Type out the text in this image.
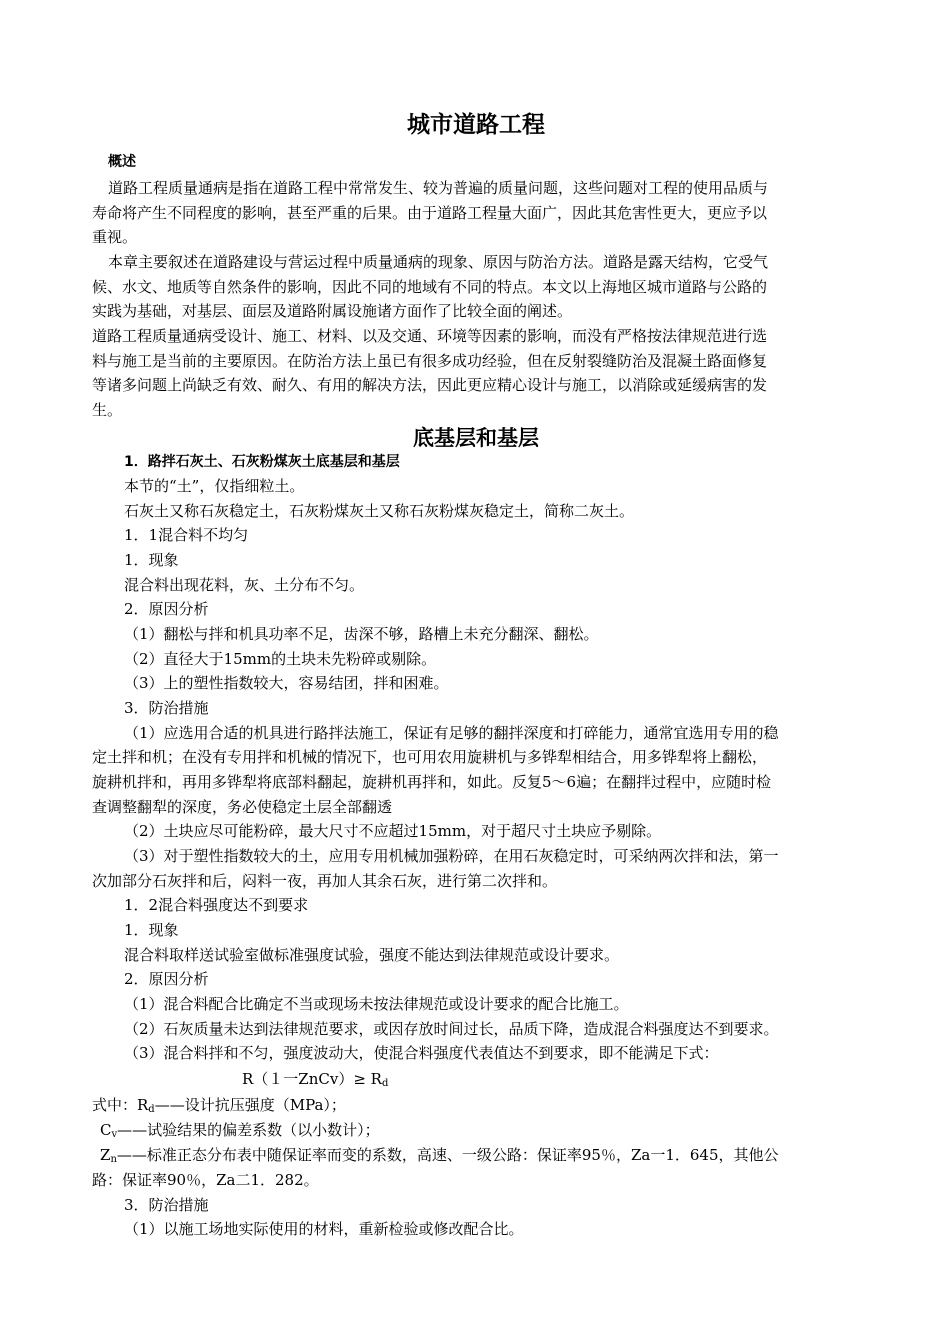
城市道路工程
概述
道路工程质量通病是指在道路工程中常常发生、较为普遍的质量问题，这些问题对工程的使用品质与
寿命将产生不同程度的影响，甚至严重的后果。由于道路工程量大面广，因此其危害性更大，更应予以
重视。
本章主要叙述在道路建设与营运过程中质量通病的现象、原因与防治方法。道路是露天结构，它受气
候、水文、地质等自然条件的影响，因此不同的地域有不同的特点。本文以上海地区城市道路与公路的
实践为基础，对基层、面层及道路附属设施诸方面作了比较全面的阐述。
道路工程质量通病受设计、施工、材料、以及交通、环境等因素的影响，而没有严格按法律规范进行选
料与施工是当前的主要原因。在防治方法上虽已有很多成功经验，但在反射裂缝防治及混凝土路面修复
等诸多问题上尚缺乏有效、耐久、有用的解决方法，因此更应精心设计与施工，以消除或延缓病害的发
生。
底基层和基层
1．路拌石灰土、石灰粉煤灰土底基层和基层
本节的“土”，仅指细粒土。
石灰土又称石灰稳定土，石灰粉煤灰土又称石灰粉煤灰稳定土，简称二灰土。
1．1混合料不均匀
1．现象
混合料出现花料，灰、土分布不匀。
2．原因分析
（1）翻松与拌和机具功率不足，齿深不够，路槽上未充分翻深、翻松。
（2）直径大于15mm的土块未先粉碎或剔除。
（3）上的塑性指数较大，容易结团，拌和困难。
3．防治措施
（1）应选用合适的机具进行路拌法施工，保证有足够的翻拌深度和打碎能力，通常宜选用专用的稳
定土拌和机；在没有专用拌和机械的情况下，也可用农用旋耕机与多铧犁相结合，用多铧犁将上翻松，
旋耕机拌和，再用多铧犁将底部料翻起，旋耕机再拌和，如此。反复5～6遍；在翻拌过程中，应随时检
查调整翻犁的深度，务必使稳定土层全部翻透
（2）土块应尽可能粉碎，最大尺寸不应超过15mm，对于超尺寸土块应予剔除。
（3）对于塑性指数较大的土，应用专用机械加强粉碎，在用石灰稳定时，可采纳两次拌和法，第一
次加部分石灰拌和后，闷料一夜，再加人其余石灰，进行第二次拌和。
1．2混合料强度达不到要求
1．现象
混合料取样送试验室做标准强度试验，强度不能达到法律规范或设计要求。
2．原因分析
（1）混合料配合比确定不当或现场未按法律规范或设计要求的配合比施工。
（2）石灰质量未达到法律规范要求，或因存放时间过长，品质下降，造成混合料强度达不到要求。
（3）混合料拌和不匀，强度波动大，使混合料强度代表值达不到要求，即不能满足下式：
R（１一ZnCv）≥ $R_d$
式中：$R_d——$设计抗压强度（MPa）；
$C_v——$试验结果的偏差系数（以小数计）；
$Z_n——$标准正态分布表中随保证率而变的系数，高速、一级公路：保证率95％，Za一1．645，其他公
路：保证率90％，Za二1．282。
3．防治措施
（1）以施工场地实际使用的材料，重新检验或修改配合比。
